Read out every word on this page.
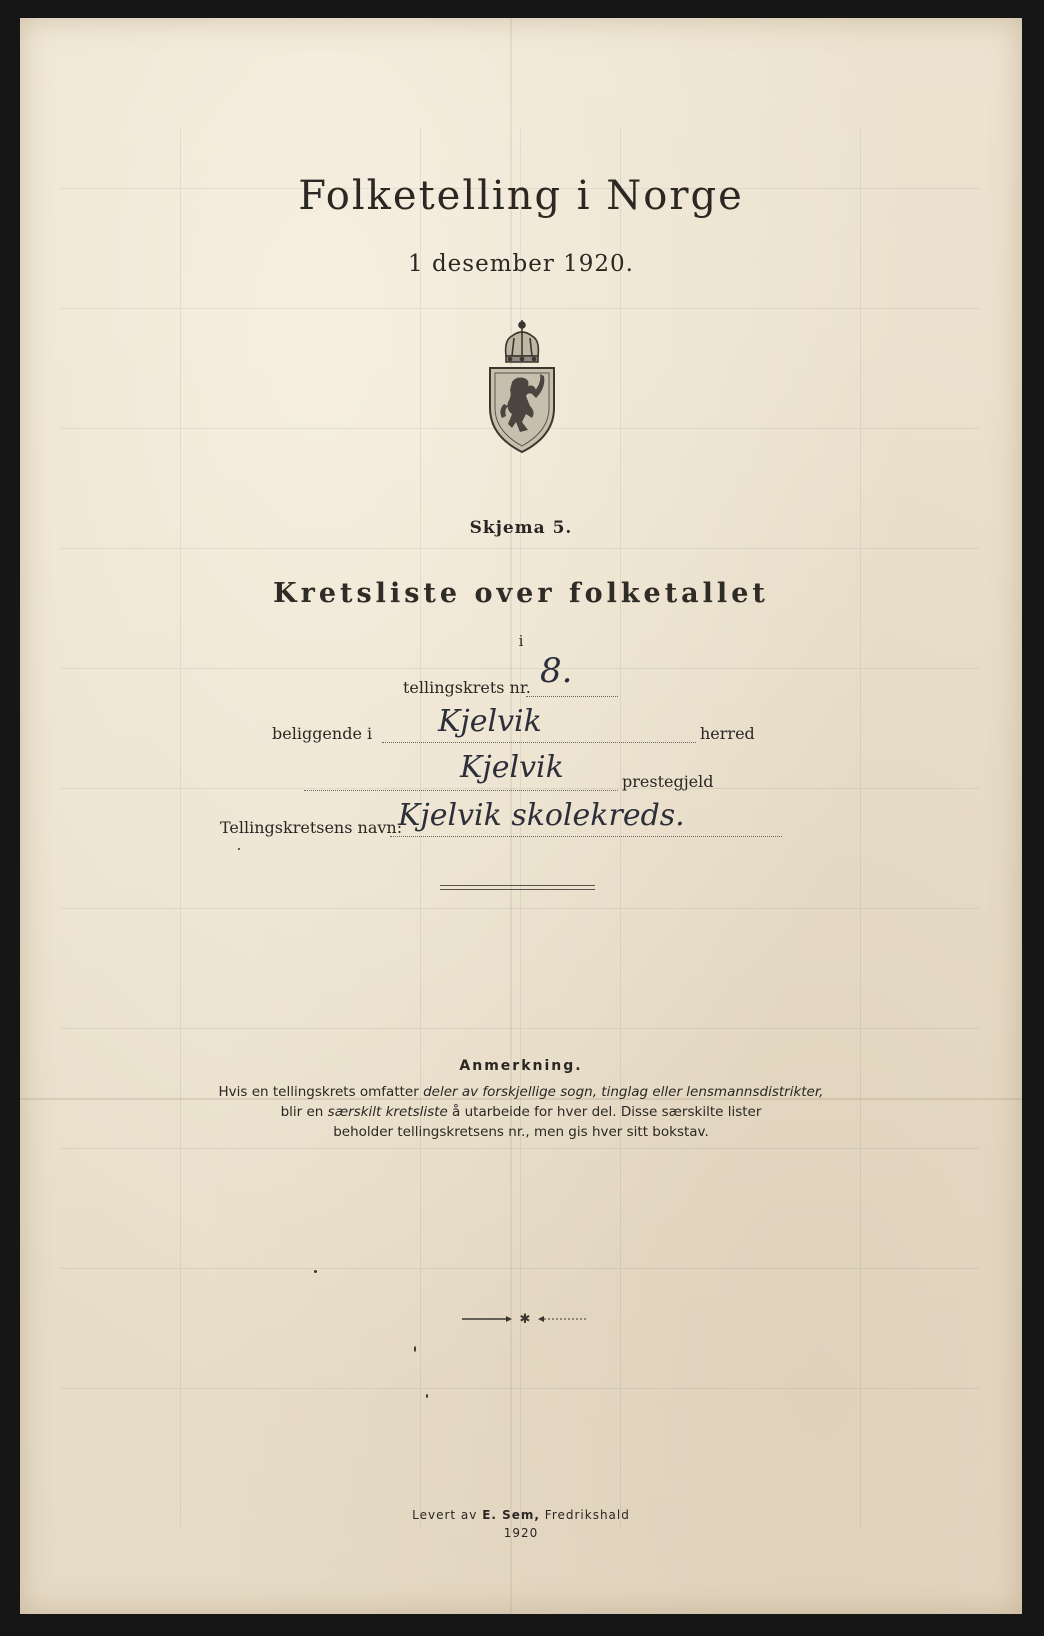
Folketelling i Norge
1 desember 1920.
Skjema 5.
Kretsliste over folketallet
i
tellingskrets nr. 8.
beliggende i Kjelvik	herred
Kjelvik	prestegjeld
Tellingskretsens navn:
Kjelvik skolekreds.
Anmerkning.
Hvis en tellingskrets omfatter deler av forskjellige sogn, tinglag eller lensmannsdistrikter,
blir en særskilt kretsliste å utarbeide for hver del. Disse særskilte lister
beholder tellingskretsens nr., men gis hver sitt bokstav.
✱
Levert av E. Sem, Fredrikshald
1920
